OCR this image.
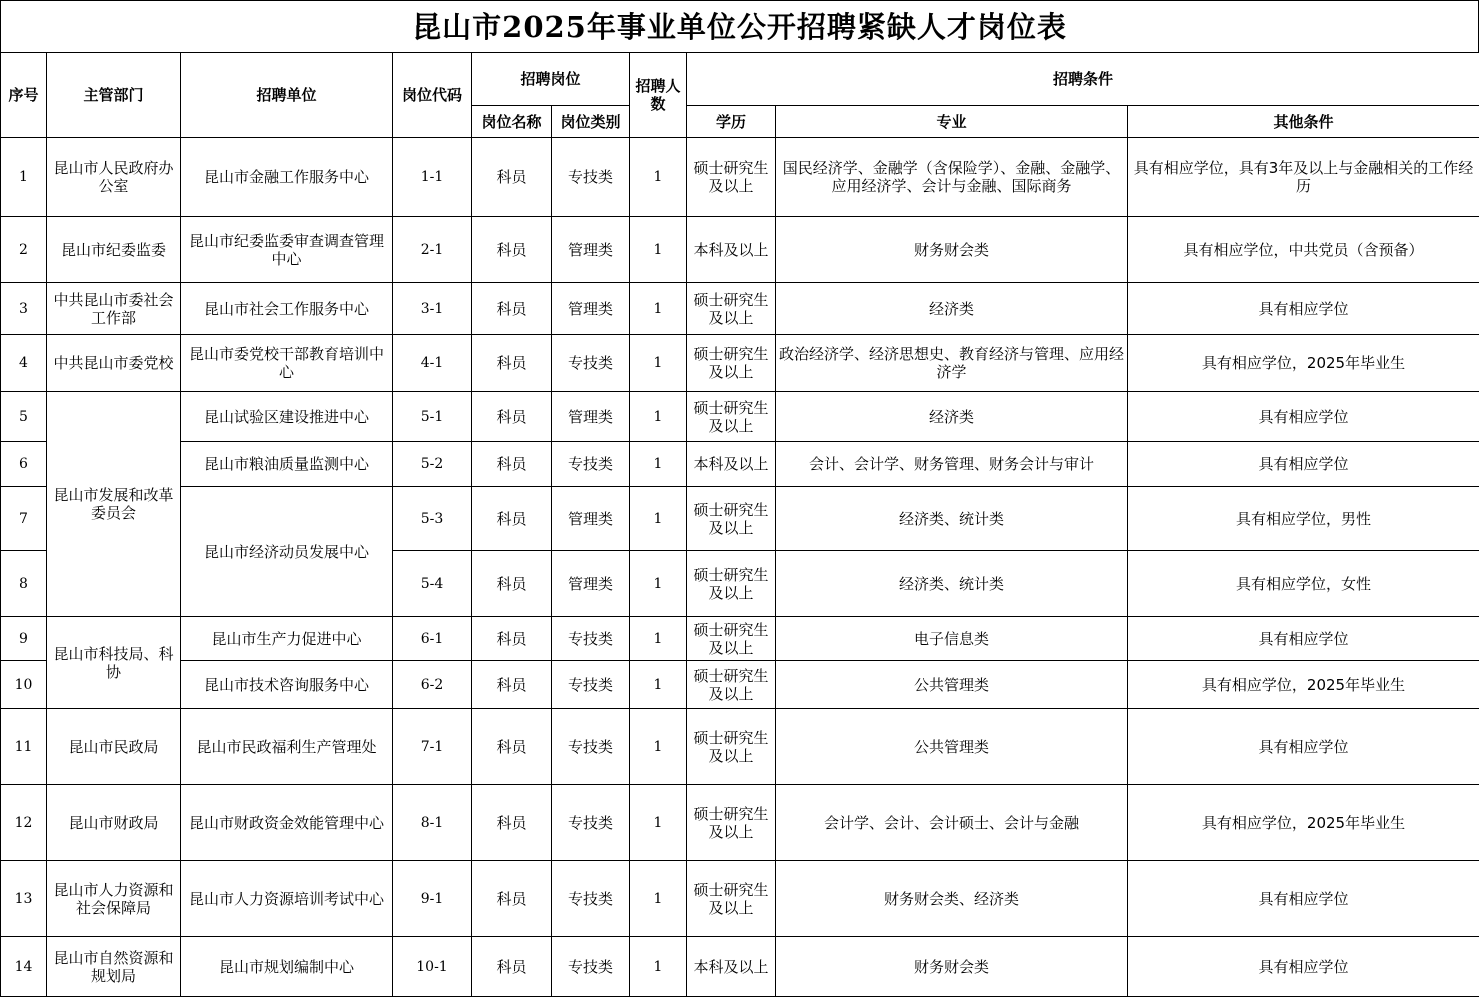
昆山市2025年事业单位公开招聘紧缺人才岗位表
序号	主管部门	招聘单位	岗位代码	招聘岗位		招聘人数	招聘条件		
				岗位名称	岗位类别		学历	专业	其他条件
1	昆山市人民政府办公室	昆山市金融工作服务中心	1-1	科员	专技类	1	硕士研究生及以上	国民经济学、金融学（含保险学）、金融、金融学、应用经济学、会计与金融、国际商务	具有相应学位，具有3年及以上与金融相关的工作经历
2	昆山市纪委监委	昆山市纪委监委审查调查管理中心	2-1	科员	管理类	1	本科及以上	财务财会类	具有相应学位，中共党员（含预备）
3	中共昆山市委社会工作部	昆山市社会工作服务中心	3-1	科员	管理类	1	硕士研究生及以上	经济类	具有相应学位
4	中共昆山市委党校	昆山市委党校干部教育培训中心	4-1	科员	专技类	1	硕士研究生及以上	政治经济学、经济思想史、教育经济与管理、应用经济学	具有相应学位，2025年毕业生
5	昆山市发展和改革委员会	昆山试验区建设推进中心	5-1	科员	管理类	1	硕士研究生及以上	经济类	具有相应学位
6		昆山市粮油质量监测中心	5-2	科员	专技类	1	本科及以上	会计、会计学、财务管理、财务会计与审计	具有相应学位
7		昆山市经济动员发展中心	5-3	科员	管理类	1	硕士研究生及以上	经济类、统计类	具有相应学位，男性
8			5-4	科员	管理类	1	硕士研究生及以上	经济类、统计类	具有相应学位，女性
9	昆山市科技局、科协	昆山市生产力促进中心	6-1	科员	专技类	1	硕士研究生及以上	电子信息类	具有相应学位
10		昆山市技术咨询服务中心	6-2	科员	专技类	1	硕士研究生及以上	公共管理类	具有相应学位，2025年毕业生
11	昆山市民政局	昆山市民政福利生产管理处	7-1	科员	专技类	1	硕士研究生及以上	公共管理类	具有相应学位
12	昆山市财政局	昆山市财政资金效能管理中心	8-1	科员	专技类	1	硕士研究生及以上	会计学、会计、会计硕士、会计与金融	具有相应学位，2025年毕业生
13	昆山市人力资源和社会保障局	昆山市人力资源培训考试中心	9-1	科员	专技类	1	硕士研究生及以上	财务财会类、经济类	具有相应学位
14	昆山市自然资源和规划局	昆山市规划编制中心	10-1	科员	专技类	1	本科及以上	财务财会类	具有相应学位
